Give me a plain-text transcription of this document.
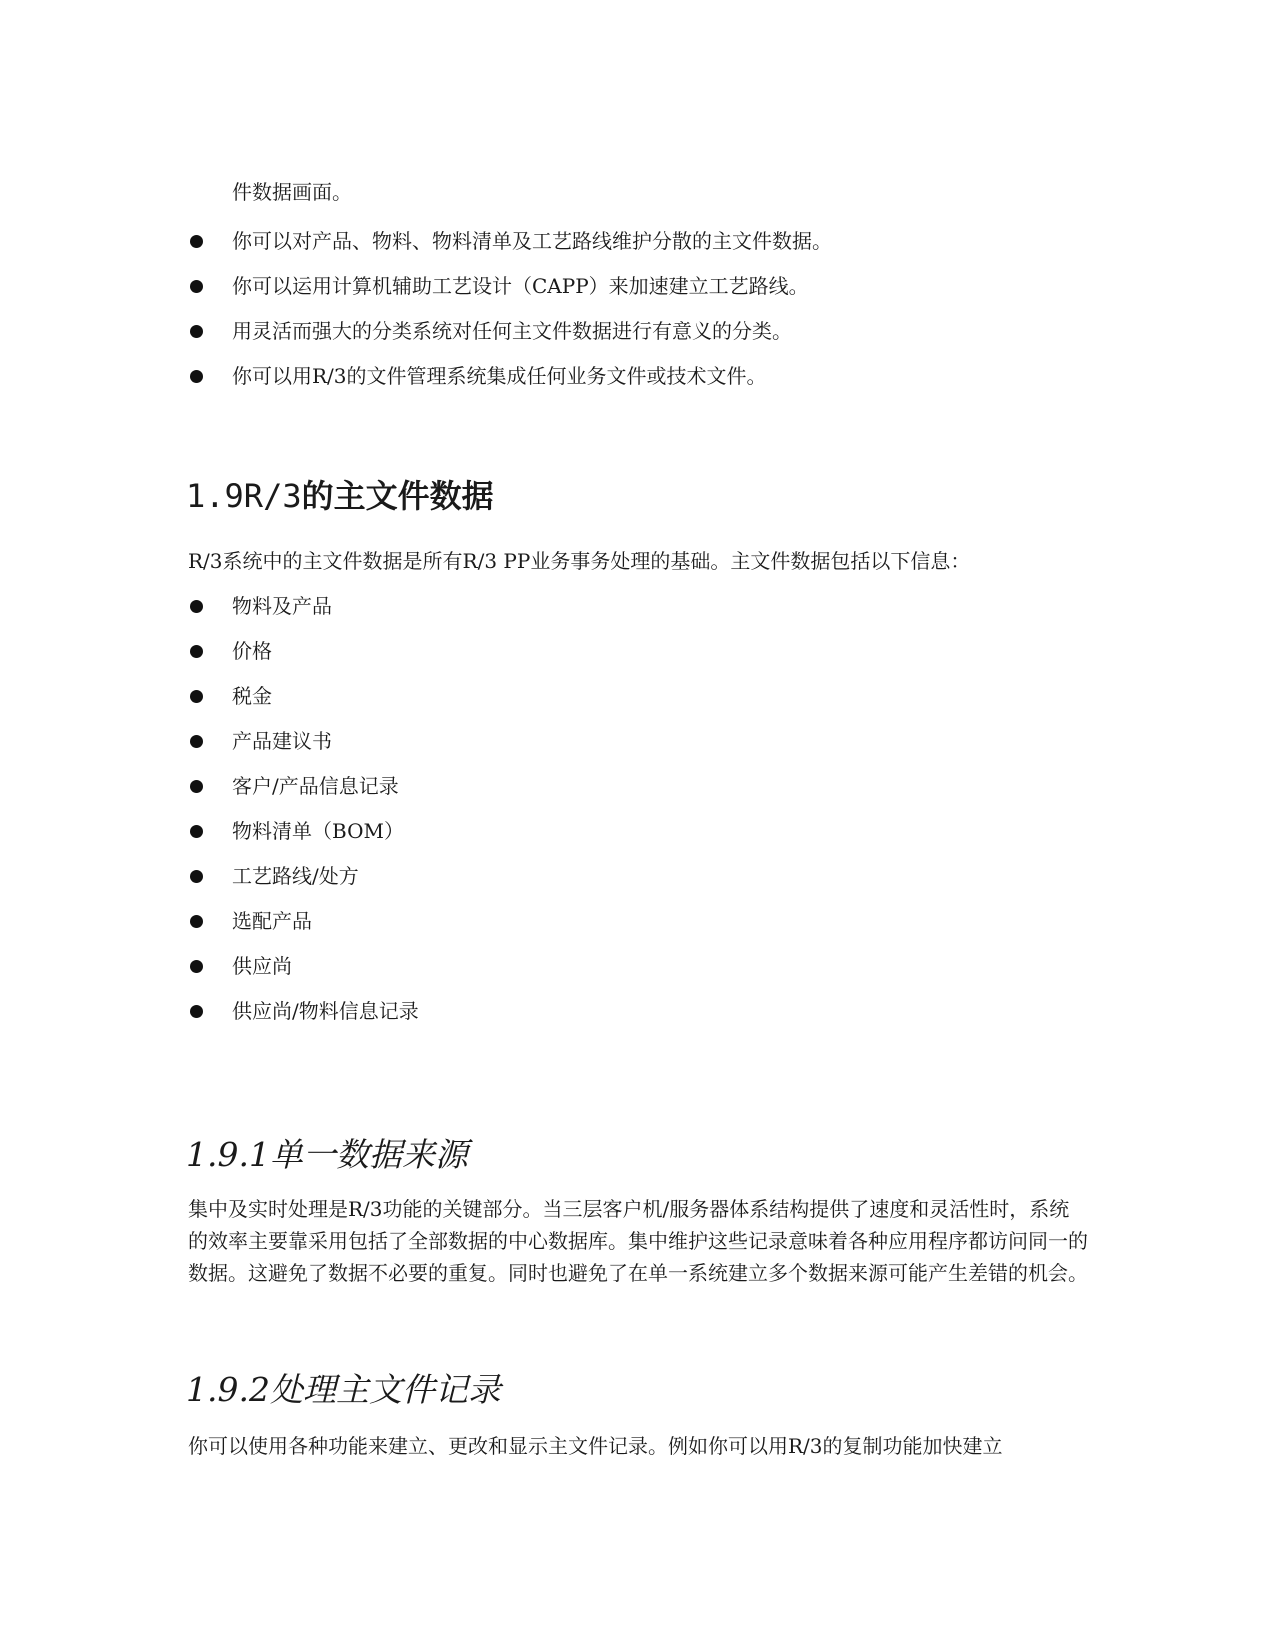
件数据画面。
你可以对产品、物料、物料清单及工艺路线维护分散的主文件数据。
你可以运用计算机辅助工艺设计（CAPP）来加速建立工艺路线。
用灵活而强大的分类系统对任何主文件数据进行有意义的分类。
你可以用R/3的文件管理系统集成任何业务文件或技术文件。
1.9R/3的主文件数据
R/3系统中的主文件数据是所有R/3 PP业务事务处理的基础。主文件数据包括以下信息：
物料及产品
价格
税金
产品建议书
客户/产品信息记录
物料清单（BOM）
工艺路线/处方
选配产品
供应尚
供应尚/物料信息记录
1.9.1单一数据来源

集中及实时处理是R/3功能的关键部分。当三层客户机/服务器体系结构提供了速度和灵活性时，系统的效率主要靠采用包括了全部数据的中心数据库。集中维护这些记录意味着各种应用程序都访问同一的数据。这避免了数据不必要的重复。同时也避免了在单一系统建立多个数据来源可能产生差错的机会。

1.9.2处理主文件记录

你可以使用各种功能来建立、更改和显示主文件记录。例如你可以用R/3的复制功能加快建立
